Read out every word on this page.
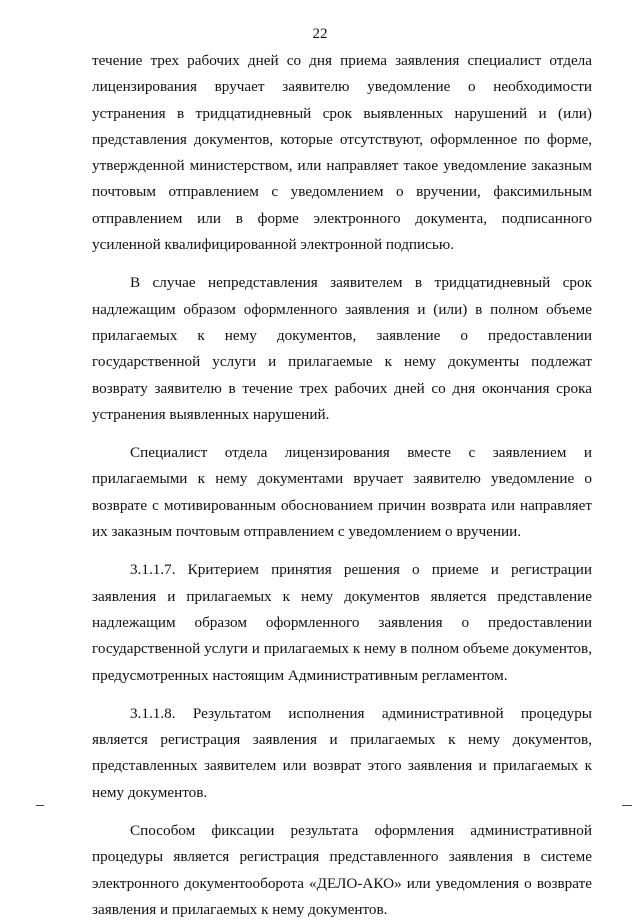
22

течение трех рабочих дней со дня приема заявления специалист отдела лицензирования вручает заявителю уведомление о необходимости устранения в тридцатидневный срок выявленных нарушений и (или) представления документов, которые отсутствуют, оформленное по форме, утвержденной министерством, или направляет такое уведомление заказным почтовым отправлением с уведомлением о вручении, факсимильным отправлением или в форме электронного документа, подписанного усиленной квалифицированной электронной подписью.

В случае непредставления заявителем в тридцатидневный срок надлежащим образом оформленного заявления и (или) в полном объеме прилагаемых к нему документов, заявление о предоставлении государственной услуги и прилагаемые к нему документы подлежат возврату заявителю в течение трех рабочих дней со дня окончания срока устранения выявленных нарушений.

Специалист отдела лицензирования вместе с заявлением и прилагаемыми к нему документами вручает заявителю уведомление о возврате с мотивированным обоснованием причин возврата или направляет их заказным почтовым отправлением с уведомлением о вручении.

3.1.1.7. Критерием принятия решения о приеме и регистрации заявления и прилагаемых к нему документов является представление надлежащим образом оформленного заявления о предоставлении государственной услуги и прилагаемых к нему в полном объеме документов, предусмотренных настоящим Административным регламентом.

3.1.1.8. Результатом исполнения административной процедуры является регистрация заявления и прилагаемых к нему документов, представленных заявителем или возврат этого заявления и прилагаемых к нему документов.

Способом фиксации результата оформления административной процедуры является регистрация представленного заявления в системе электронного документооборота «ДЕЛО-АКО» или уведомления о возврате заявления и прилагаемых к нему документов.
